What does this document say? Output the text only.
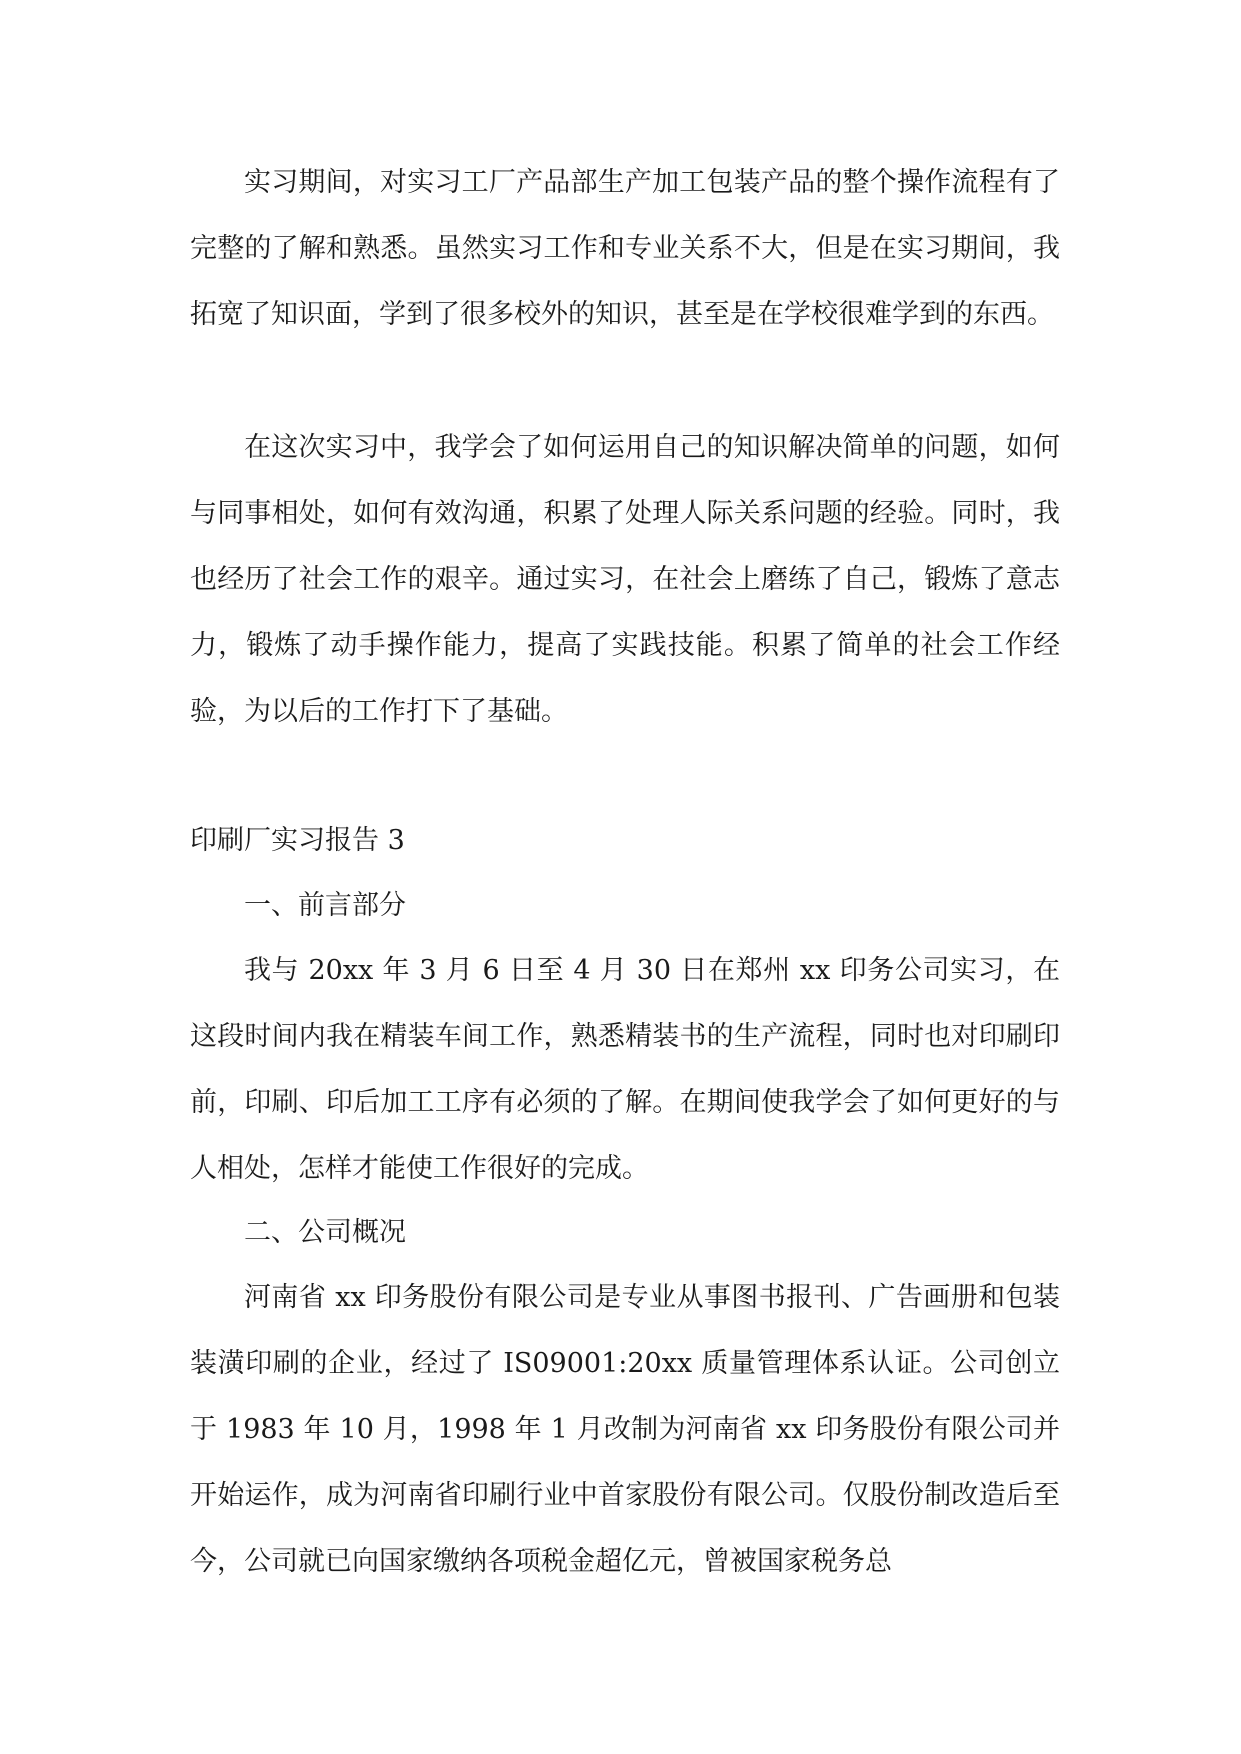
实习期间，对实习工厂产品部生产加工包装产品的整个操作流程有了完整的了解和熟悉。虽然实习工作和专业关系不大，但是在实习期间，我拓宽了知识面，学到了很多校外的知识，甚至是在学校很难学到的东西。

在这次实习中，我学会了如何运用自己的知识解决简单的问题，如何与同事相处，如何有效沟通，积累了处理人际关系问题的经验。同时，我也经历了社会工作的艰辛。通过实习，在社会上磨练了自己，锻炼了意志力，锻炼了动手操作能力，提高了实践技能。积累了简单的社会工作经验，为以后的工作打下了基础。

印刷厂实习报告 3

一、前言部分

我与 20xx 年 3 月 6 日至 4 月 30 日在郑州 xx 印务公司实习，在这段时间内我在精装车间工作，熟悉精装书的生产流程，同时也对印刷印前，印刷、印后加工工序有必须的了解。在期间使我学会了如何更好的与人相处，怎样才能使工作很好的完成。

二、公司概况

河南省 xx 印务股份有限公司是专业从事图书报刊、广告画册和包装装潢印刷的企业，经过了 IS09001:20xx 质量管理体系认证。公司创立于 1983 年 10 月，1998 年 1 月改制为河南省 xx 印务股份有限公司并开始运作，成为河南省印刷行业中首家股份有限公司。仅股份制改造后至今，公司就已向国家缴纳各项税金超亿元，曾被国家税务总
